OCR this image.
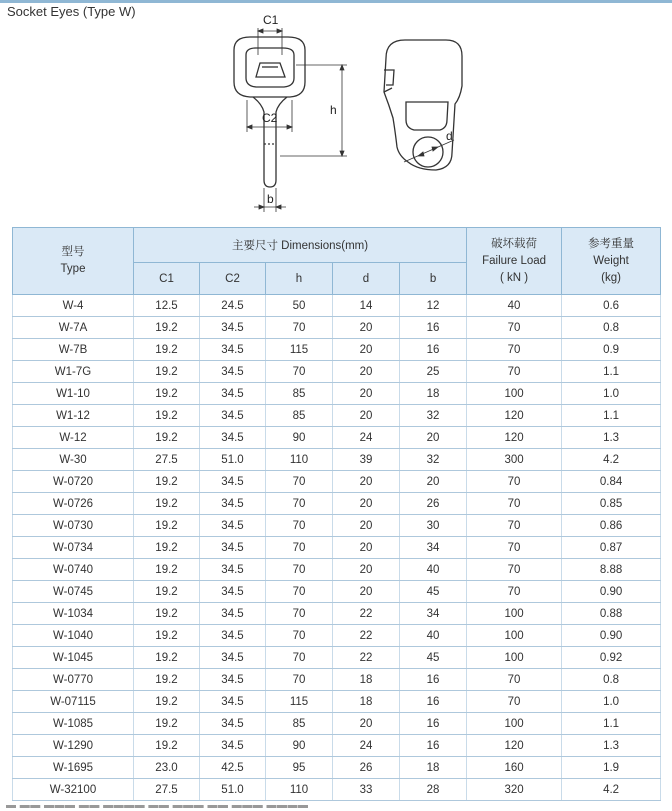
Socket Eyes (Type W)
C1
C2
h
b
d
型号
Type	主要尺寸 Dimensions(mm)					破坏载荷
Failure Load
( kN )	参考重量
Weight
(kg)

	C1	C2	h	d	b		
W-4	12.5	24.5	50	14	12	40	0.6
W-7A	19.2	34.5	70	20	16	70	0.8
W-7B	19.2	34.5	115	20	16	70	0.9
W1-7G	19.2	34.5	70	20	25	70	1.1
W1-10	19.2	34.5	85	20	18	100	1.0
W1-12	19.2	34.5	85	20	32	120	1.1
W-12	19.2	34.5	90	24	20	120	1.3
W-30	27.5	51.0	110	39	32	300	4.2
W-0720	19.2	34.5	70	20	20	70	0.84
W-0726	19.2	34.5	70	20	26	70	0.85
W-0730	19.2	34.5	70	20	30	70	0.86
W-0734	19.2	34.5	70	20	34	70	0.87
W-0740	19.2	34.5	70	20	40	70	8.88
W-0745	19.2	34.5	70	20	45	70	0.90
W-1034	19.2	34.5	70	22	34	100	0.88
W-1040	19.2	34.5	70	22	40	100	0.90
W-1045	19.2	34.5	70	22	45	100	0.92
W-0770	19.2	34.5	70	18	16	70	0.8
W-07115	19.2	34.5	115	18	16	70	1.0
W-1085	19.2	34.5	85	20	16	100	1.1
W-1290	19.2	34.5	90	24	16	120	1.3
W-1695	23.0	42.5	95	26	18	160	1.9
W-32100	27.5	51.0	110	33	28	320	4.2
▬ ▬▬ ▬▬▬ ▬▬ ▬▬▬▬ ▬▬ ▬▬▬ ▬▬ ▬▬▬ ▬▬▬▬
